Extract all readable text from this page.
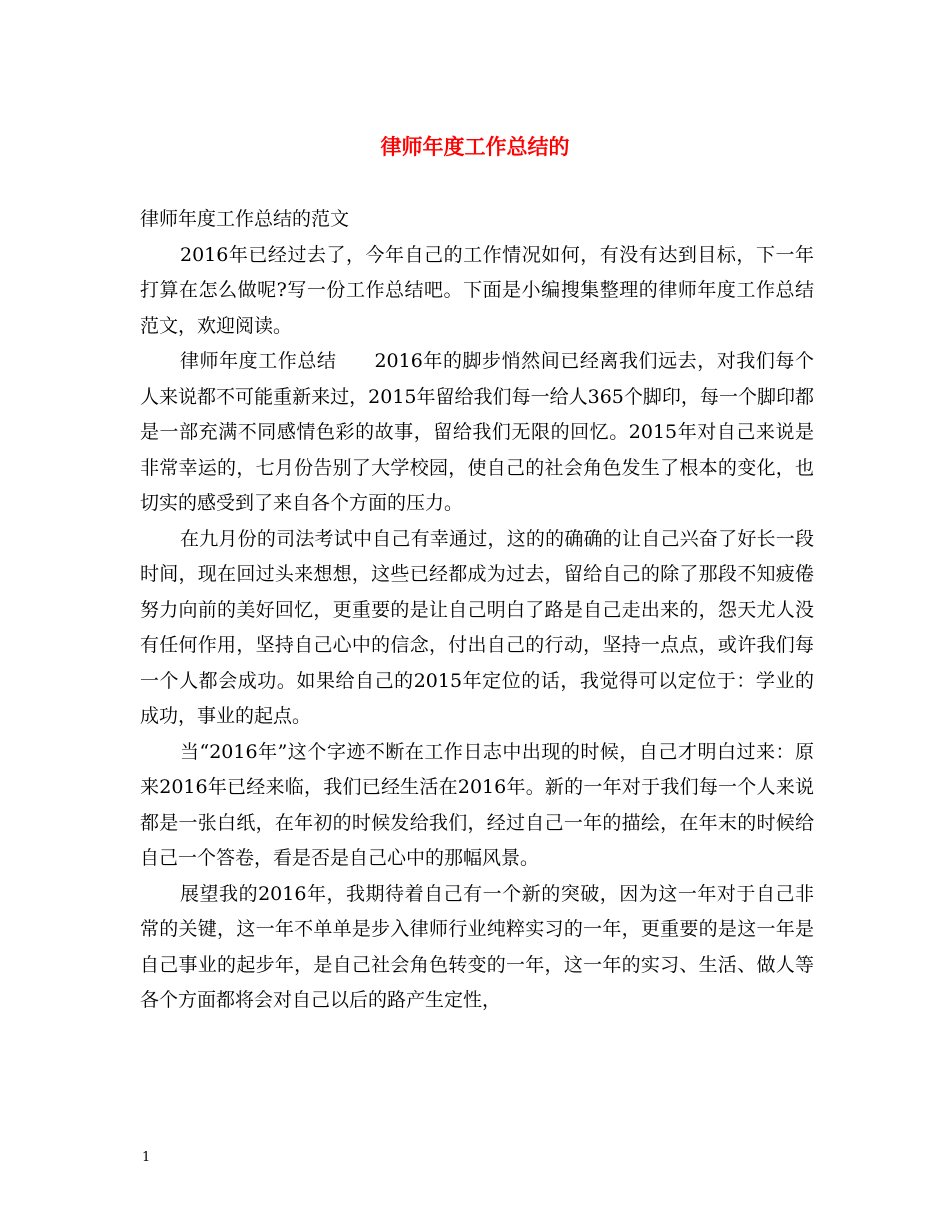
律师年度工作总结的

律师年度工作总结的范文

2016年已经过去了，今年自己的工作情况如何，有没有达到目标，下一年打算在怎么做呢?写一份工作总结吧。下面是小编搜集整理的律师年度工作总结范文，欢迎阅读。

律师年度工作总结 2016年的脚步悄然间已经离我们远去，对我们每个人来说都不可能重新来过，2015年留给我们每一给人365个脚印，每一个脚印都是一部充满不同感情色彩的故事，留给我们无限的回忆。2015年对自己来说是非常幸运的，七月份告别了大学校园，使自己的社会角色发生了根本的变化，也切实的感受到了来自各个方面的压力。

在九月份的司法考试中自己有幸通过，这的的确确的让自己兴奋了好长一段时间，现在回过头来想想，这些已经都成为过去，留给自己的除了那段不知疲倦努力向前的美好回忆，更重要的是让自己明白了路是自己走出来的，怨天尤人没有任何作用，坚持自己心中的信念，付出自己的行动，坚持一点点，或许我们每一个人都会成功。如果给自己的2015年定位的话，我觉得可以定位于：学业的成功，事业的起点。

当“2016年”这个字迹不断在工作日志中出现的时候，自己才明白过来：原来2016年已经来临，我们已经生活在2016年。新的一年对于我们每一个人来说都是一张白纸，在年初的时候发给我们，经过自己一年的描绘，在年末的时候给自己一个答卷，看是否是自己心中的那幅风景。

展望我的2016年，我期待着自己有一个新的突破，因为这一年对于自己非常的关键，这一年不单单是步入律师行业纯粹实习的一年，更重要的是这一年是自己事业的起步年，是自己社会角色转变的一年，这一年的实习、生活、做人等各个方面都将会对自己以后的路产生定性，

1
